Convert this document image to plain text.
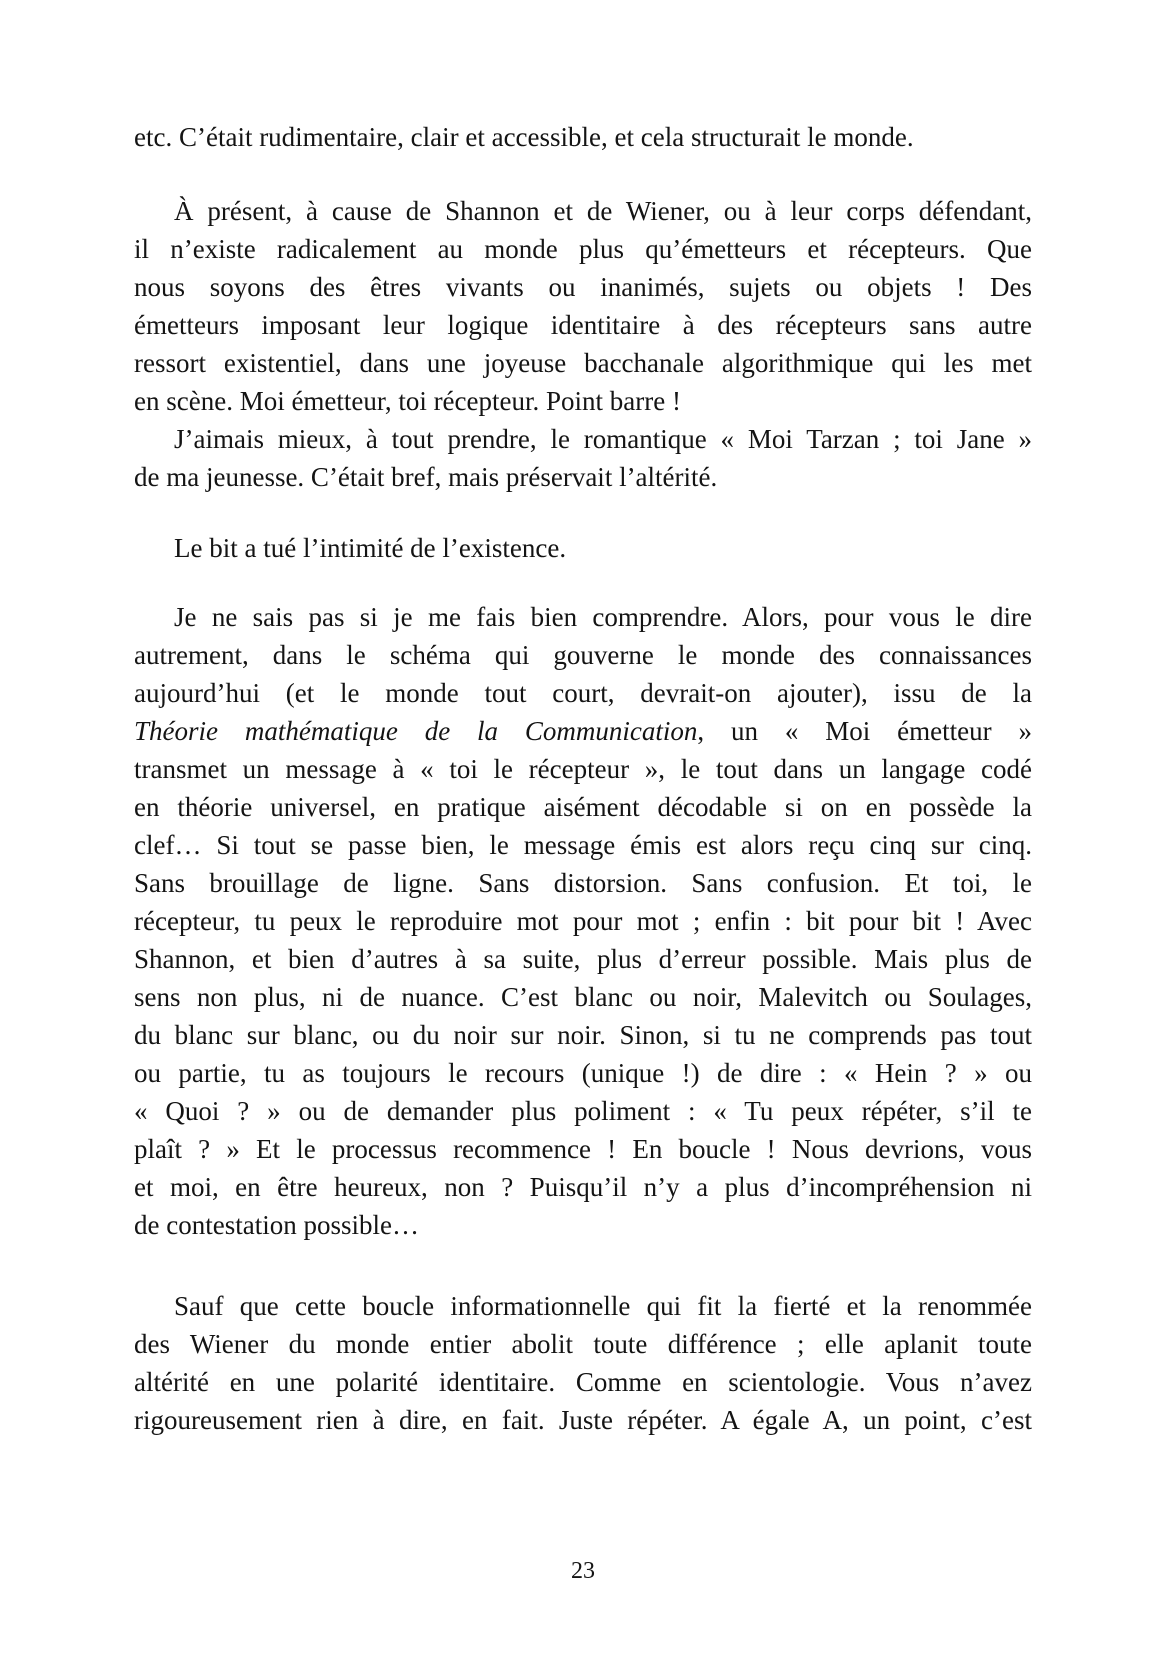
etc. C’était rudimentaire, clair et accessible, et cela structurait le monde.
À présent, à cause de Shannon et de Wiener, ou à leur corps défendant,
il n’existe radicalement au monde plus qu’émetteurs et récepteurs. Que
nous soyons des êtres vivants ou inanimés, sujets ou objets ! Des
émetteurs imposant leur logique identitaire à des récepteurs sans autre
ressort existentiel, dans une joyeuse bacchanale algorithmique qui les met
en scène. Moi émetteur, toi récepteur. Point barre !
J’aimais mieux, à tout prendre, le romantique « Moi Tarzan ; toi Jane »
de ma jeunesse. C’était bref, mais préservait l’altérité.
Le bit a tué l’intimité de l’existence.
Je ne sais pas si je me fais bien comprendre. Alors, pour vous le dire
autrement, dans le schéma qui gouverne le monde des connaissances
aujourd’hui (et le monde tout court, devrait-on ajouter), issu de la
Théorie mathématique de la Communication, un « Moi émetteur »
transmet un message à « toi le récepteur », le tout dans un langage codé
en théorie universel, en pratique aisément décodable si on en possède la
clef… Si tout se passe bien, le message émis est alors reçu cinq sur cinq.
Sans brouillage de ligne. Sans distorsion. Sans confusion. Et toi, le
récepteur, tu peux le reproduire mot pour mot ; enfin : bit pour bit ! Avec
Shannon, et bien d’autres à sa suite, plus d’erreur possible. Mais plus de
sens non plus, ni de nuance. C’est blanc ou noir, Malevitch ou Soulages,
du blanc sur blanc, ou du noir sur noir. Sinon, si tu ne comprends pas tout
ou partie, tu as toujours le recours (unique !) de dire : « Hein ? » ou
« Quoi ? » ou de demander plus poliment : « Tu peux répéter, s’il te
plaît ? » Et le processus recommence ! En boucle ! Nous devrions, vous
et moi, en être heureux, non ? Puisqu’il n’y a plus d’incompréhension ni
de contestation possible…
Sauf que cette boucle informationnelle qui fit la fierté et la renommée
des Wiener du monde entier abolit toute différence ; elle aplanit toute
altérité en une polarité identitaire. Comme en scientologie. Vous n’avez
rigoureusement rien à dire, en fait. Juste répéter. A égale A, un point, c’est
23
